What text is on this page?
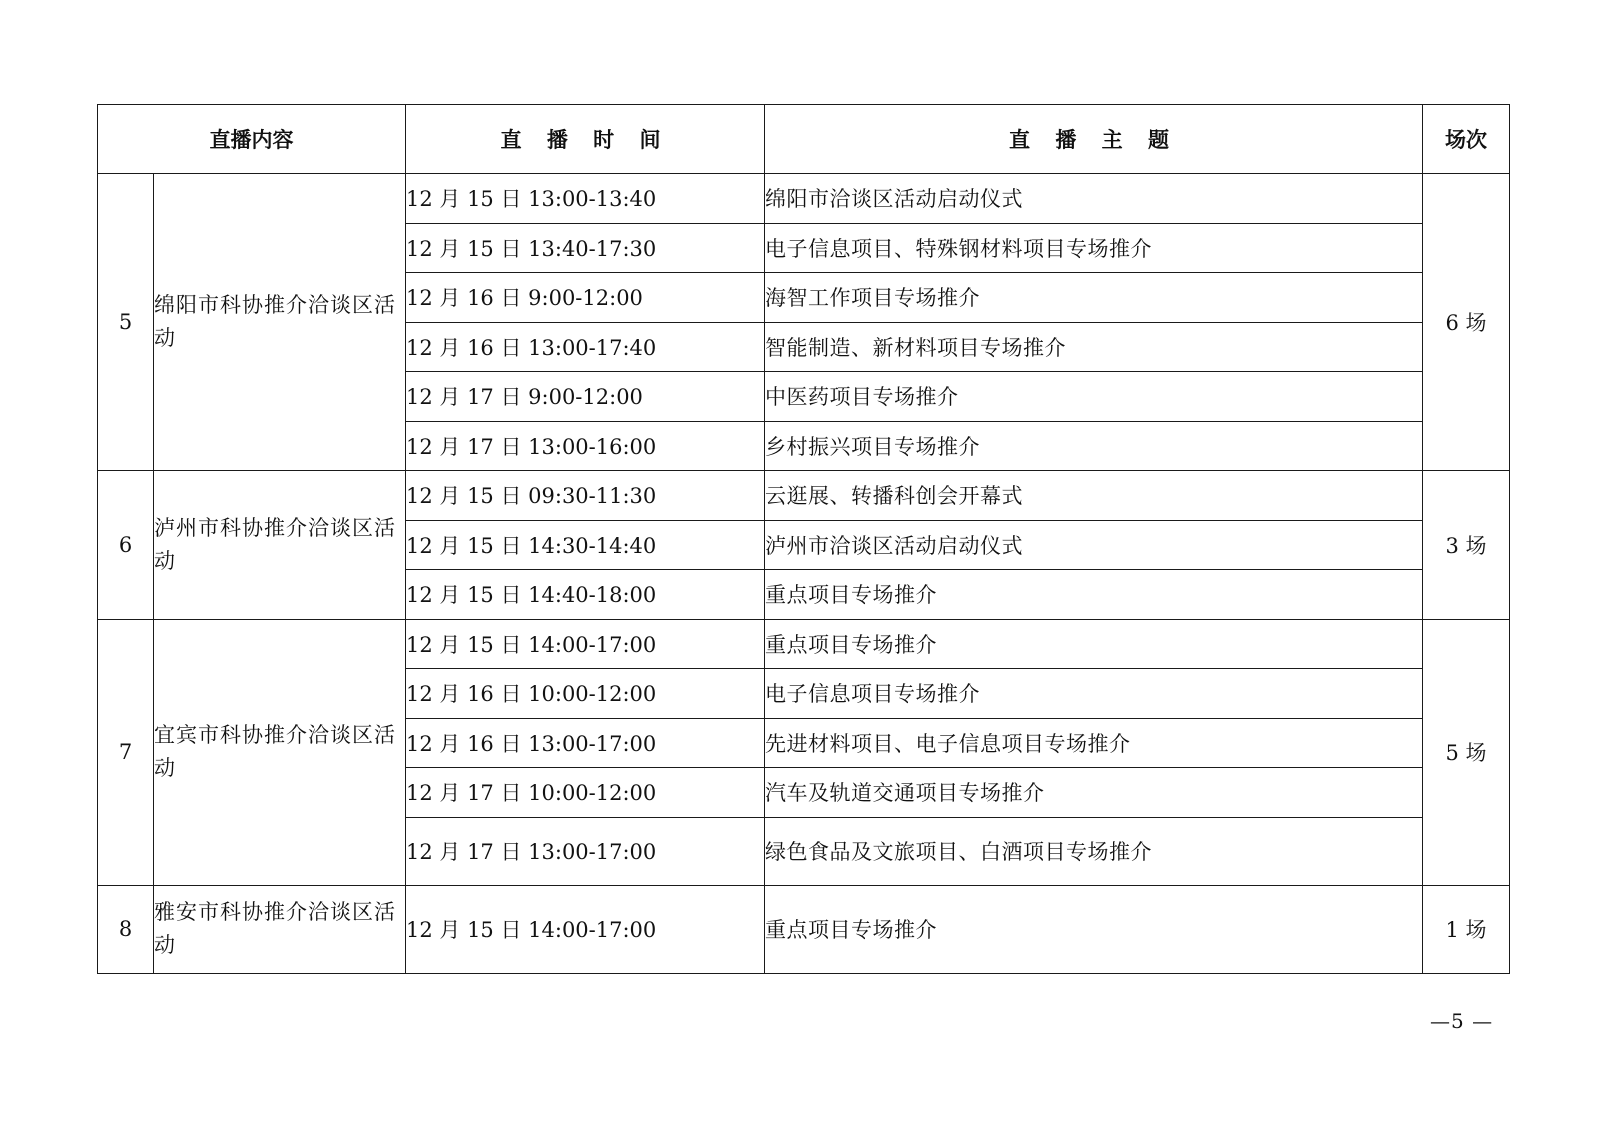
直播内容		直 播 时 间	直 播 主 题	场次
5	绵阳市科协推介洽谈区活动	12 月 15 日 13:00-13:40	绵阳市洽谈区活动启动仪式	6 场
		12 月 15 日 13:40-17:30	电子信息项目、特殊钢材料项目专场推介	
		12 月 16 日 9:00-12:00	海智工作项目专场推介	
		12 月 16 日 13:00-17:40	智能制造、新材料项目专场推介	
		12 月 17 日 9:00-12:00	中医药项目专场推介	
		12 月 17 日 13:00-16:00	乡村振兴项目专场推介	
6	泸州市科协推介洽谈区活动	12 月 15 日 09:30-11:30	云逛展、转播科创会开幕式	3 场
		12 月 15 日 14:30-14:40	泸州市洽谈区活动启动仪式	
		12 月 15 日 14:40-18:00	重点项目专场推介	
7	宜宾市科协推介洽谈区活动	12 月 15 日 14:00-17:00	重点项目专场推介	5 场
		12 月 16 日 10:00-12:00	电子信息项目专场推介	
		12 月 16 日 13:00-17:00	先进材料项目、电子信息项目专场推介	
		12 月 17 日 10:00-12:00	汽车及轨道交通项目专场推介	
		12 月 17 日 13:00-17:00	绿色食品及文旅项目、白酒项目专场推介	
8	雅安市科协推介洽谈区活动	12 月 15 日 14:00-17:00	重点项目专场推介	1 场
—5 —
